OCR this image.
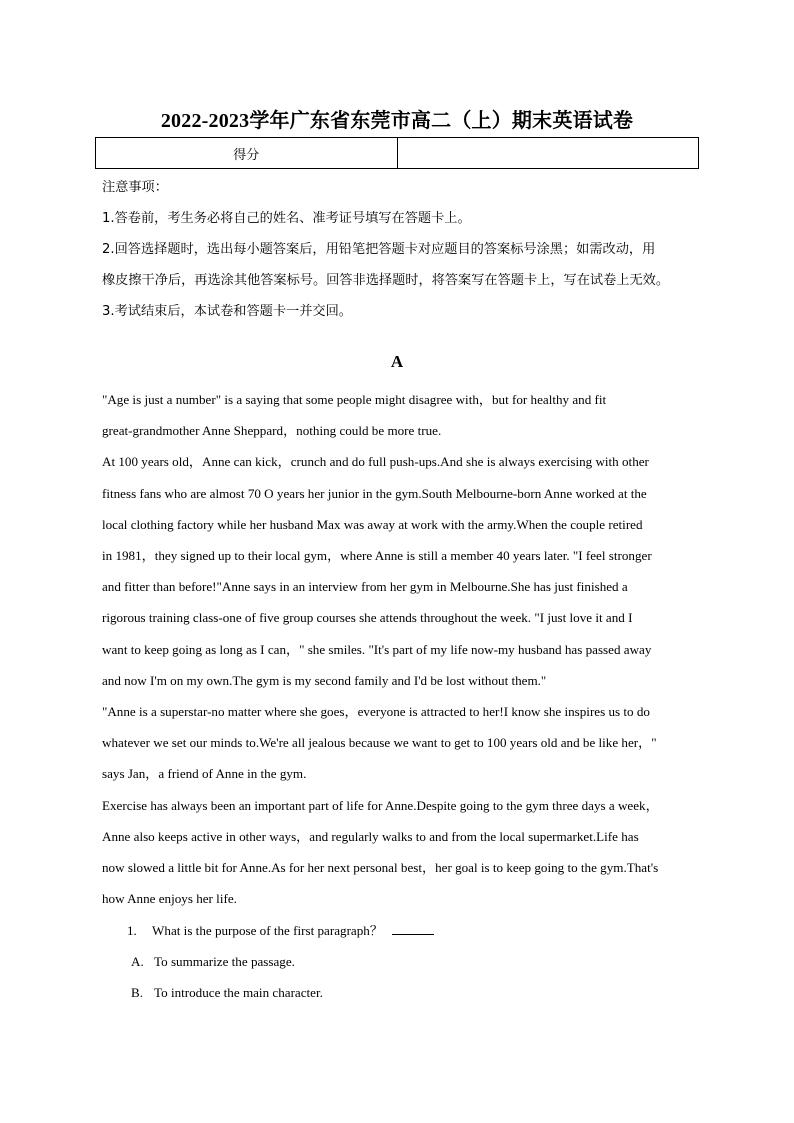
2022-2023学年广东省东莞市高二（上）期末英语试卷
得分	
注意事项：
1.答卷前，考生务必将自己的姓名、准考证号填写在答题卡上。
2.回答选择题时，选出每小题答案后，用铅笔把答题卡对应题目的答案标号涂黑；如需改动，用
橡皮擦干净后，再选涂其他答案标号。回答非选择题时，将答案写在答题卡上，写在试卷上无效。
3.考试结束后，本试卷和答题卡一并交回。
A
"Age is just a number" is a saying that some people might disagree with，but for healthy and fit
great-grandmother Anne Sheppard，nothing could be more true.
At 100 years old，Anne can kick，crunch and do full push-ups.And she is always exercising with other
fitness fans who are almost 70 O years her junior in the gym.South Melbourne-born Anne worked at the
local clothing factory while her husband Max was away at work with the army.When the couple retired
in 1981，they signed up to their local gym，where Anne is still a member 40 years later. "I feel stronger
and fitter than before!"Anne says in an interview from her gym in Melbourne.She has just finished a
rigorous training class-one of five group courses she attends throughout the week. "I just love it and I
want to keep going as long as I can，" she smiles. "It's part of my life now-my husband has passed away
and now I'm on my own.The gym is my second family and I'd be lost without them."
"Anne is a superstar-no matter where she goes，everyone is attracted to her!I know she inspires us to do
whatever we set our minds to.We're all jealous because we want to get to 100 years old and be like her，"
says Jan，a friend of Anne in the gym.
Exercise has always been an important part of life for Anne.Despite going to the gym three days a week，
Anne also keeps active in other ways，and regularly walks to and from the local supermarket.Life has
now slowed a little bit for Anne.As for her next personal best，her goal is to keep going to the gym.That's
how Anne enjoys her life.
1. What is the purpose of the first paragraph？
A. To summarize the passage.
B. To introduce the main character.
